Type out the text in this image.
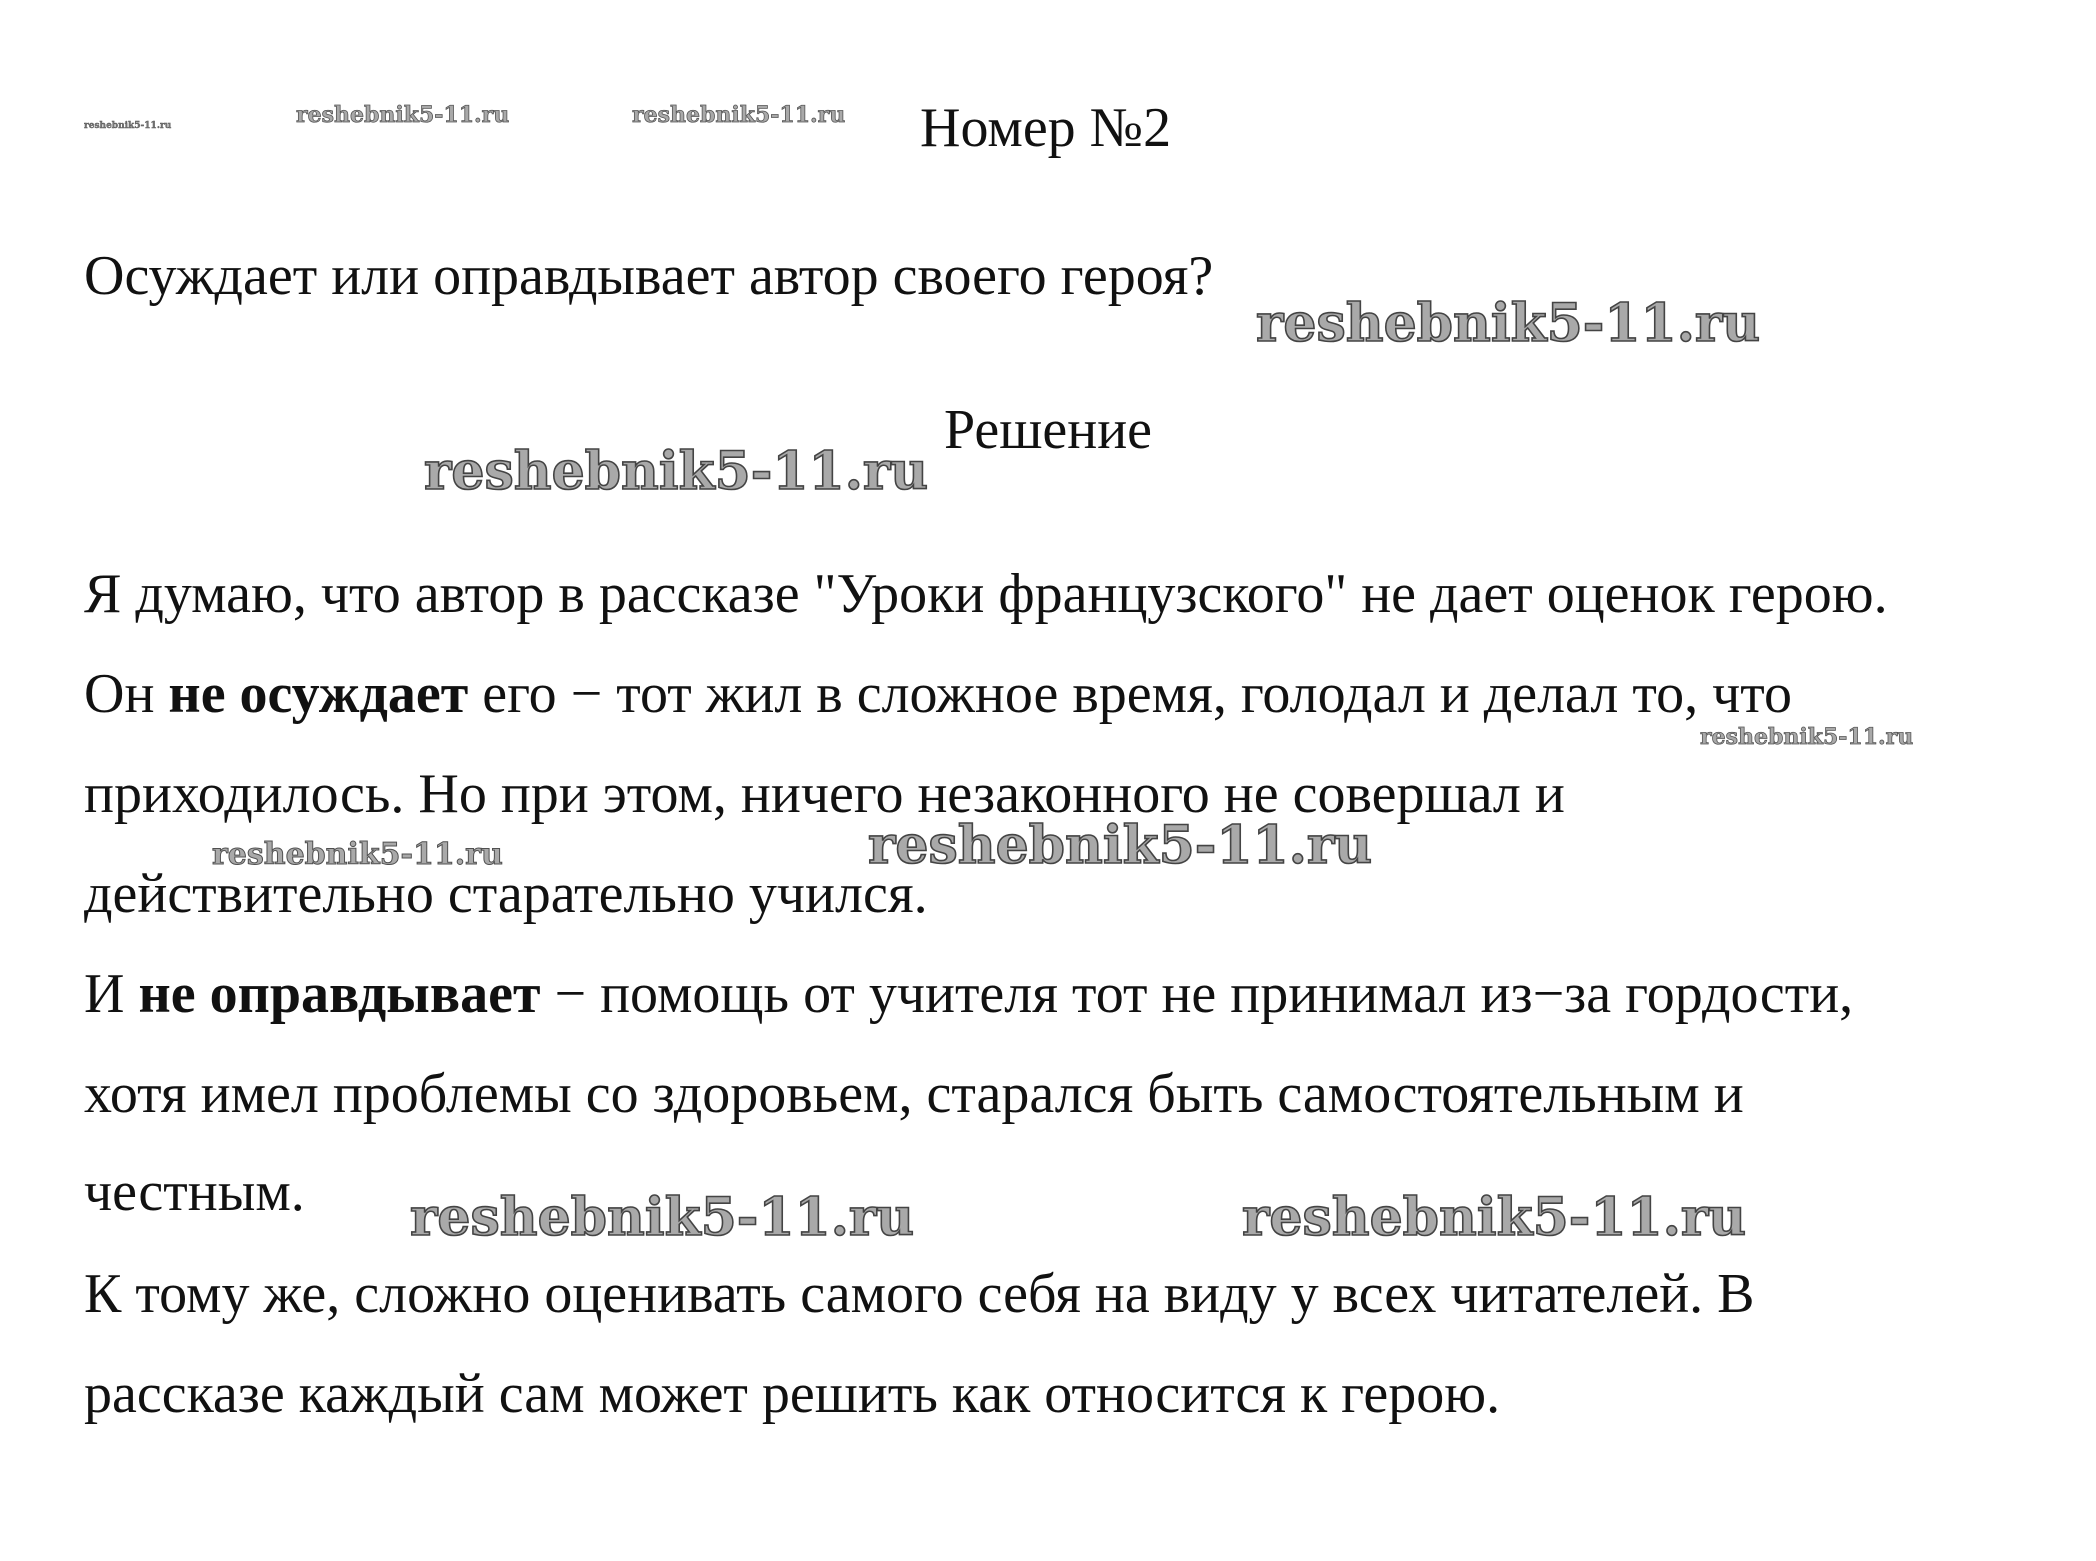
reshebnik5-11.ru	reshebnik5-11.ru	reshebnik5-11.ru
reshebnik5-11.ru
reshebnik5-11.ru
reshebnik5-11.ru
reshebnik5-11.ru	reshebnik5-11.ru
reshebnik5-11.ru	reshebnik5-11.ru
Номер №2
Осуждает или оправдывает автор своего героя?
Решение
Я думаю, что автор в рассказе "Уроки французского" не дает оценок герою.
Он не осуждает его − тот жил в сложное время, голодал и делал то, что
приходилось. Но при этом, ничего незаконного не совершал и
действительно старательно учился.
И не оправдывает − помощь от учителя тот не принимал из−за гордости,
хотя имел проблемы со здоровьем, старался быть самостоятельным и
честным.
К тому же, сложно оценивать самого себя на виду у всех читателей. В
рассказе каждый сам может решить как относится к герою.
